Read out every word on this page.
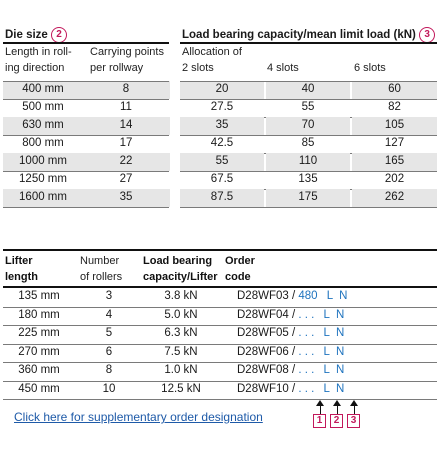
Die size 2	Load bearing capacity/mean limit load (kN) 3
Length in roll-
ing direction
Carrying points
per rollway
Allocation of
2 slots	4 slots	6 slots
400 mm	8	20	40	60
500 mm	11	27.5	55	82
630 mm	14	35	70	105
800 mm	17	42.5	85	127
1000 mm	22	55	110	165
1250 mm	27	67.5	135	202
1600 mm	35	87.5	175	262
Lifter
length
Number
of rollers
Load bearing
capacity/Lifter
Order
code
135 mm	3	3.8 kN	D28WF03 / 480 L N
180 mm	4	5.0 kN	D28WF04 / . . . L N
225 mm	5	6.3 kN	D28WF05 / . . . L N
270 mm	6	7.5 kN	D28WF06 / . . . L N
360 mm	8	1.0 kN	D28WF08 / . . . L N
450 mm	10	12.5 kN	D28WF10 / . . . L N
1	2	3
Click here for supplementary order designation
